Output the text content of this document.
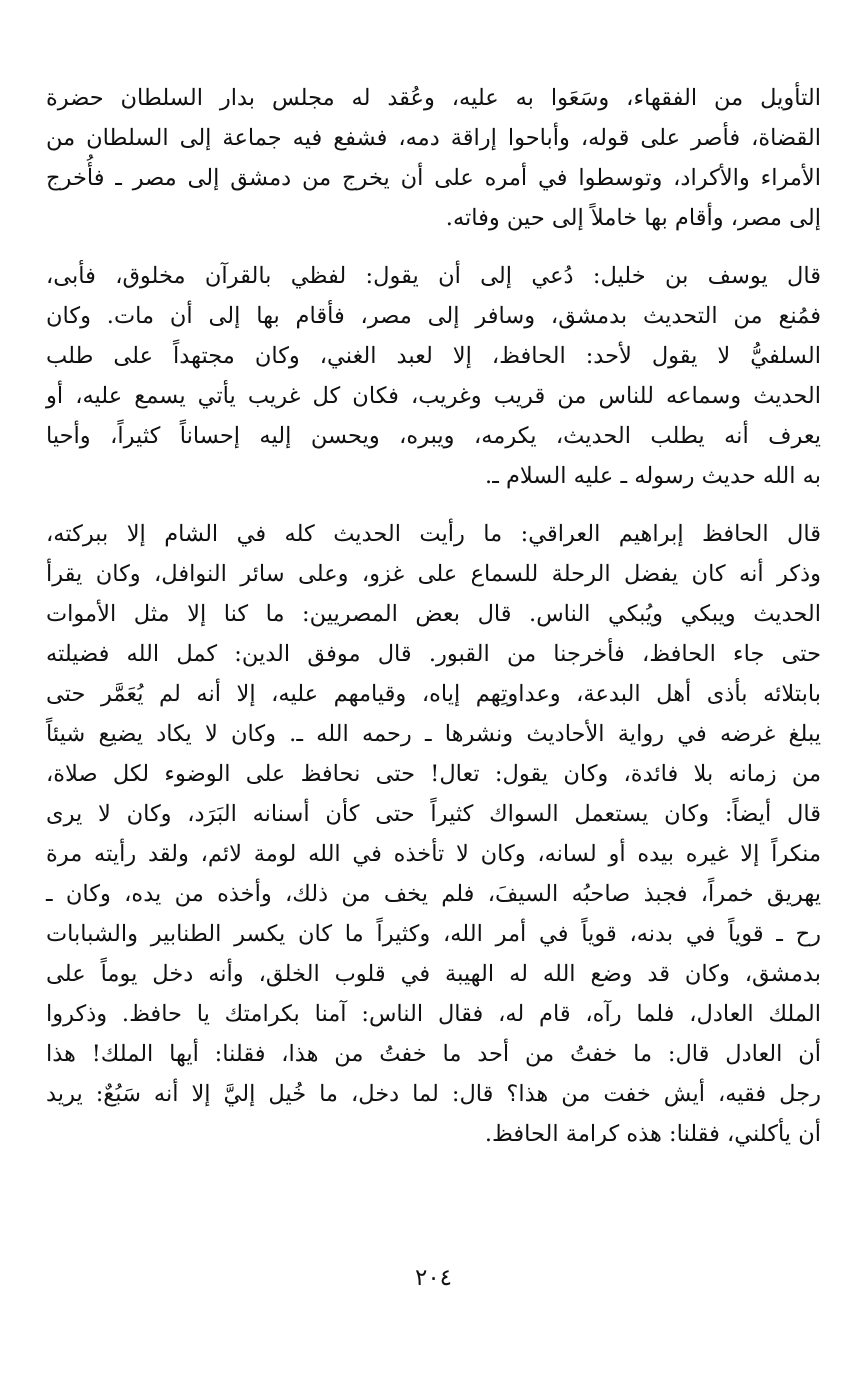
التأويل من الفقهاء، وسَعَوا به عليه، وعُقد له مجلس بدار السلطان حضرة
القضاة، فأصر على قوله، وأباحوا إراقة دمه، فشفع فيه جماعة إلى السلطان من
الأمراء والأكراد، وتوسطوا في أمره على أن يخرج من دمشق إلى مصر ـ فأُخرج
إلى مصر، وأقام بها خاملاً إلى حين وفاته.
قال يوسف بن خليل: دُعي إلى أن يقول: لفظي بالقرآن مخلوق، فأبى،
فمُنع من التحديث بدمشق، وسافر إلى مصر، فأقام بها إلى أن مات. وكان
السلفيُّ لا يقول لأحد: الحافظ، إلا لعبد الغني، وكان مجتهداً على طلب
الحديث وسماعه للناس من قريب وغريب، فكان كل غريب يأتي يسمع عليه، أو
يعرف أنه يطلب الحديث، يكرمه، ويبره، ويحسن إليه إحساناً كثيراً، وأحيا
به الله حديث رسوله ـ عليه السلام ـ.
قال الحافظ إبراهيم العراقي: ما رأيت الحديث كله في الشام إلا ببركته،
وذكر أنه كان يفضل الرحلة للسماع على غزو، وعلى سائر النوافل، وكان يقرأ
الحديث ويبكي ويُبكي الناس. قال بعض المصريين: ما كنا إلا مثل الأموات
حتى جاء الحافظ، فأخرجنا من القبور. قال موفق الدين: كمل الله فضيلته
بابتلائه بأذى أهل البدعة، وعداوتِهم إياه، وقيامهم عليه، إلا أنه لم يُعَمَّر حتى
يبلغ غرضه في رواية الأحاديث ونشرها ـ رحمه الله ـ. وكان لا يكاد يضيع شيئاً
من زمانه بلا فائدة، وكان يقول: تعال! حتى نحافظ على الوضوء لكل صلاة،
قال أيضاً: وكان يستعمل السواك كثيراً حتى كأن أسنانه البَرَد، وكان لا يرى
منكراً إلا غيره بيده أو لسانه، وكان لا تأخذه في الله لومة لائم، ولقد رأيته مرة
يهريق خمراً، فجبذ صاحبُه السيفَ، فلم يخف من ذلك، وأخذه من يده، وكان ـ
رح ـ قوياً في بدنه، قوياً في أمر الله، وكثيراً ما كان يكسر الطنابير والشبابات
بدمشق، وكان قد وضع الله له الهيبة في قلوب الخلق، وأنه دخل يوماً على
الملك العادل، فلما رآه، قام له، فقال الناس: آمنا بكرامتك يا حافظ. وذكروا
أن العادل قال: ما خفتُ من أحد ما خفتُ من هذا، فقلنا: أيها الملك! هذا
رجل فقيه، أيش خفت من هذا؟ قال: لما دخل، ما خُيل إليَّ إلا أنه سَبُعٌ: يريد
أن يأكلني، فقلنا: هذه كرامة الحافظ.
٢٠٤
